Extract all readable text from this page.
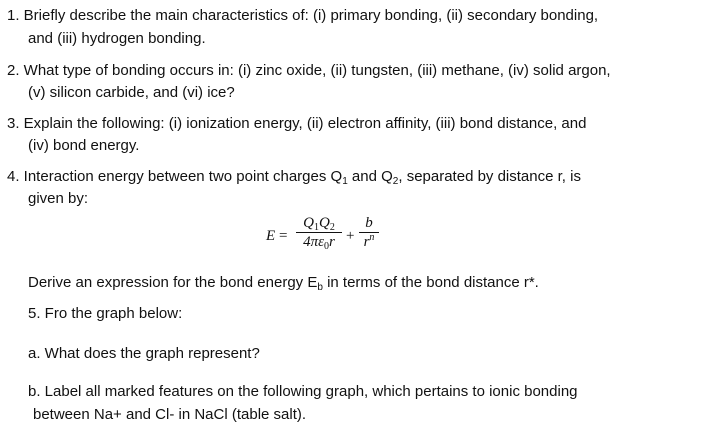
1. Briefly describe the main characteristics of: (i) primary bonding, (ii) secondary bonding,
and (iii) hydrogen bonding.
2. What type of bonding occurs in: (i) zinc oxide, (ii) tungsten, (iii) methane, (iv) solid argon,
(v) silicon carbide, and (vi) ice?
3. Explain the following: (i) ionization energy, (ii) electron affinity, (iii) bond distance, and
(iv) bond energy.
4. Interaction energy between two point charges $Q_1$ and $Q_2$, separated by distance r, is
given by:
$E = \frac{Q_1Q_2}{4\pi\varepsilon_0r} + \frac{b}{r^n}$
Derive an expression for the bond energy $E_b$ in terms of the bond distance r*.
5. Fro the graph below:
a. What does the graph represent?
b. Label all marked features on the following graph, which pertains to ionic bonding
between Na+ and Cl- in NaCl (table salt).
